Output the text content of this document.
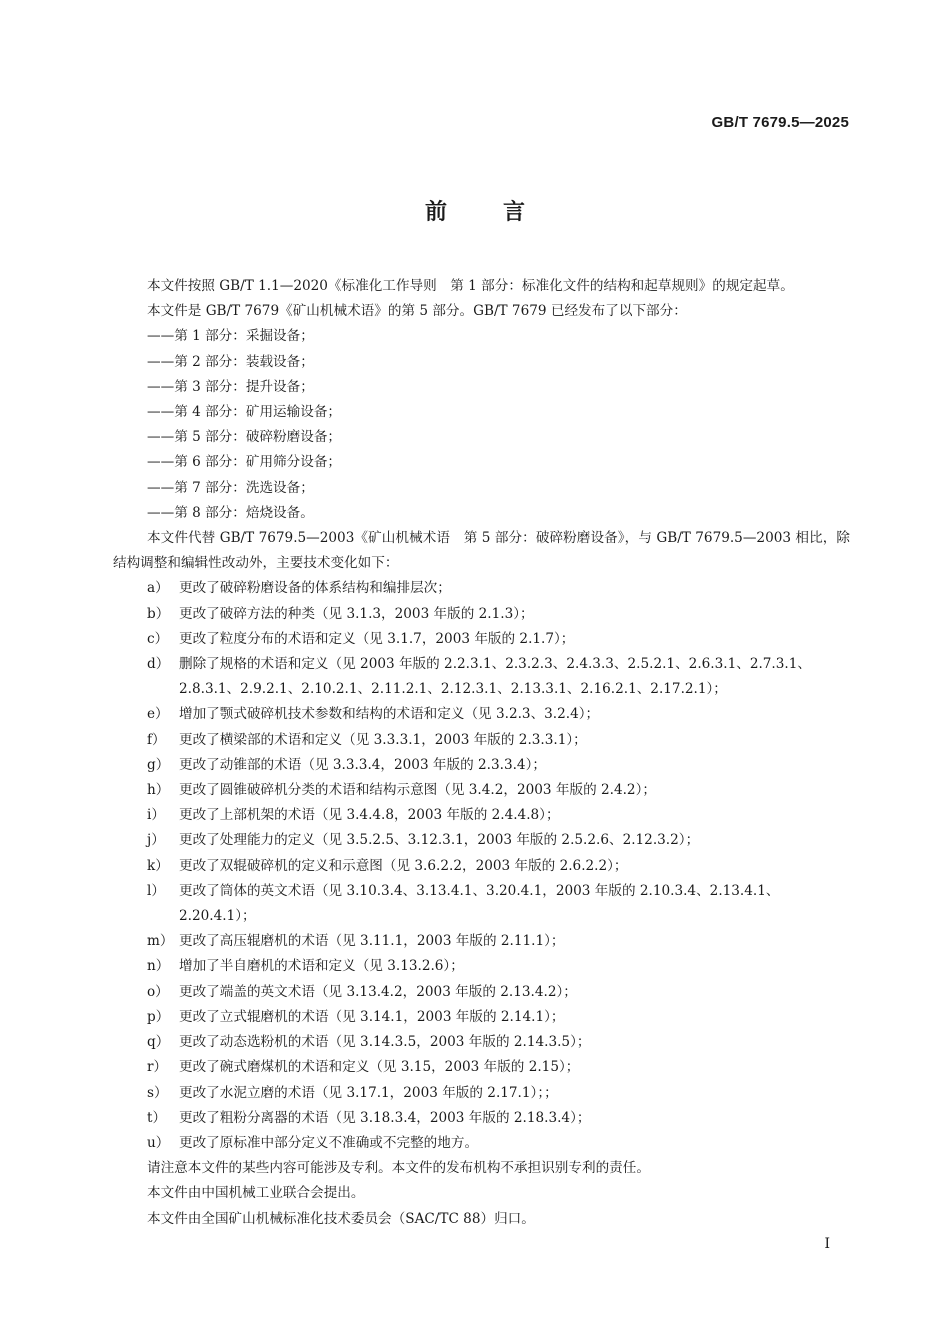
GB/T 7679.5—2025
前言

本文件按照 GB/T 1.1—2020《标准化工作导则　第 1 部分：标准化文件的结构和起草规则》的规定起草。

本文件是 GB/T 7679《矿山机械术语》的第 5 部分。GB/T 7679 已经发布了以下部分：

——第 1 部分：采掘设备；

——第 2 部分：装载设备；

——第 3 部分：提升设备；

——第 4 部分：矿用运输设备；

——第 5 部分：破碎粉磨设备；

——第 6 部分：矿用筛分设备；

——第 7 部分：洗选设备；

——第 8 部分：焙烧设备。

本文件代替 GB/T 7679.5—2003《矿山机械术语　第 5 部分：破碎粉磨设备》，与 GB/T 7679.5—2003 相比，除结构调整和编辑性改动外，主要技术变化如下：

a） 更改了破碎粉磨设备的体系结构和编排层次；
b） 更改了破碎方法的种类（见 3.1.3，2003 年版的 2.1.3）；
c） 更改了粒度分布的术语和定义（见 3.1.7，2003 年版的 2.1.7）；
d） 删除了规格的术语和定义（见 2003 年版的 2.2.3.1、2.3.2.3、2.4.3.3、2.5.2.1、2.6.3.1、2.7.3.1、2.8.3.1、2.9.2.1、2.10.2.1、2.11.2.1、2.12.3.1、2.13.3.1、2.16.2.1、2.17.2.1）；
e） 增加了颚式破碎机技术参数和结构的术语和定义（见 3.2.3、3.2.4）；
f） 更改了横梁部的术语和定义（见 3.3.3.1，2003 年版的 2.3.3.1）；
g） 更改了动锥部的术语（见 3.3.3.4，2003 年版的 2.3.3.4）；
h） 更改了圆锥破碎机分类的术语和结构示意图（见 3.4.2，2003 年版的 2.4.2）；
i）	更改了上部机架的术语（见 3.4.4.8，2003 年版的 2.4.4.8）；
j）	更改了处理能力的定义（见 3.5.2.5、3.12.3.1，2003 年版的 2.5.2.6、2.12.3.2）；
k） 更改了双辊破碎机的定义和示意图（见 3.6.2.2，2003 年版的 2.6.2.2）；
l）	更改了筒体的英文术语（见 3.10.3.4、3.13.4.1、3.20.4.1，2003 年版的 2.10.3.4、2.13.4.1、2.20.4.1）；
m） 更改了高压辊磨机的术语（见 3.11.1，2003 年版的 2.11.1）；
n） 增加了半自磨机的术语和定义（见 3.13.2.6）；
o） 更改了端盖的英文术语（见 3.13.4.2，2003 年版的 2.13.4.2）；
p） 更改了立式辊磨机的术语（见 3.14.1，2003 年版的 2.14.1）；
q） 更改了动态选粉机的术语（见 3.14.3.5，2003 年版的 2.14.3.5）；
r） 更改了碗式磨煤机的术语和定义（见 3.15，2003 年版的 2.15）；
s） 更改了水泥立磨的术语（见 3.17.1，2003 年版的 2.17.1）；；
t） 更改了粗粉分离器的术语（见 3.18.3.4，2003 年版的 2.18.3.4）；
u） 更改了原标准中部分定义不准确或不完整的地方。

请注意本文件的某些内容可能涉及专利。本文件的发布机构不承担识别专利的责任。

本文件由中国机械工业联合会提出。

本文件由全国矿山机械标准化技术委员会（SAC/TC 88）归口。

Ⅰ
